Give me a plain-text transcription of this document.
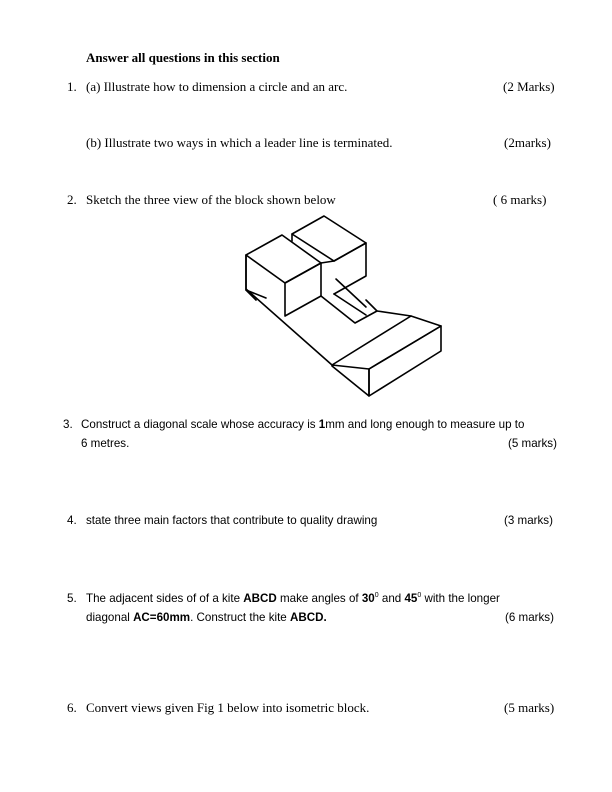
Answer all questions in this section
1. (a) Illustrate how to dimension a circle and an arc.	(2 Marks)
(b) Illustrate two ways in which a leader line is terminated.	(2marks)
2. Sketch the three view of the block shown below	( 6 marks)
3. Construct a diagonal scale whose accuracy is 1mm and long enough to measure up to
6 metres.	(5 marks)
4. state three main factors that contribute to quality drawing	(3 marks)
5. The adjacent sides of of a kite ABCD make angles of $30^0$ and $45^0$ with the longer
diagonal AC=60mm. Construct the kite ABCD.	(6 marks)
6. Convert views given Fig 1 below into isometric block.	(5 marks)
